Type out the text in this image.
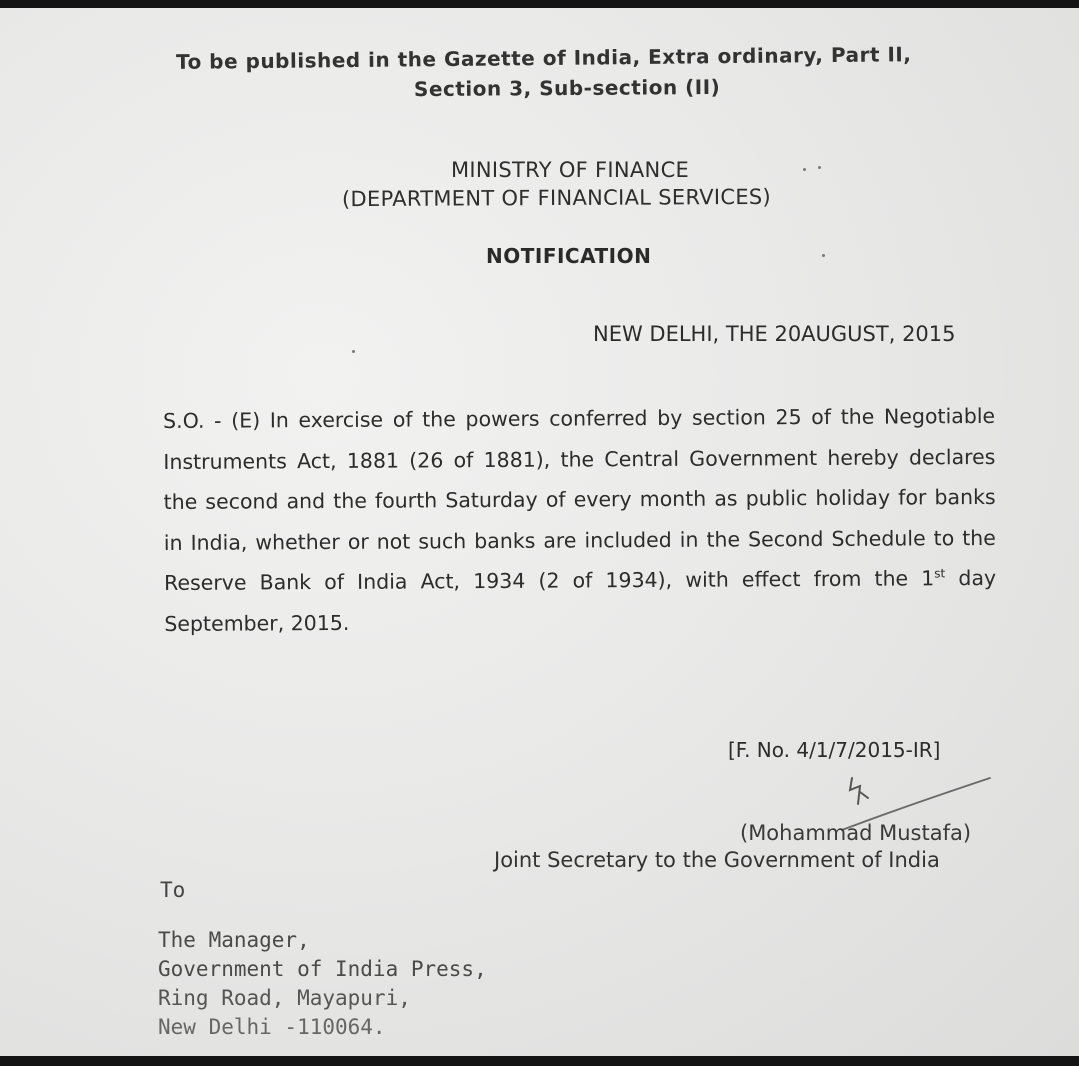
To be published in the Gazette of India, Extra ordinary, Part II,
Section 3, Sub-section (II)
MINISTRY OF FINANCE
(DEPARTMENT OF FINANCIAL SERVICES)
NOTIFICATION
NEW DELHI, THE 20AUGUST, 2015
S.O. - (E) In exercise of the powers conferred by section 25 of the Negotiable Instruments Act, 1881 (26 of 1881), the Central Government hereby declares the second and the fourth Saturday of every month as public holiday for banks in India, whether or not such banks are included in the Second Schedule to the Reserve Bank of India Act, 1934 (2 of 1934), with effect from the 1st day September, 2015.
[F. No. 4/1/7/2015-IR]
(Mohammad Mustafa)
Joint Secretary to the Government of India
To
The Manager,
Government of India Press,
Ring Road, Mayapuri,
New Delhi -110064.
